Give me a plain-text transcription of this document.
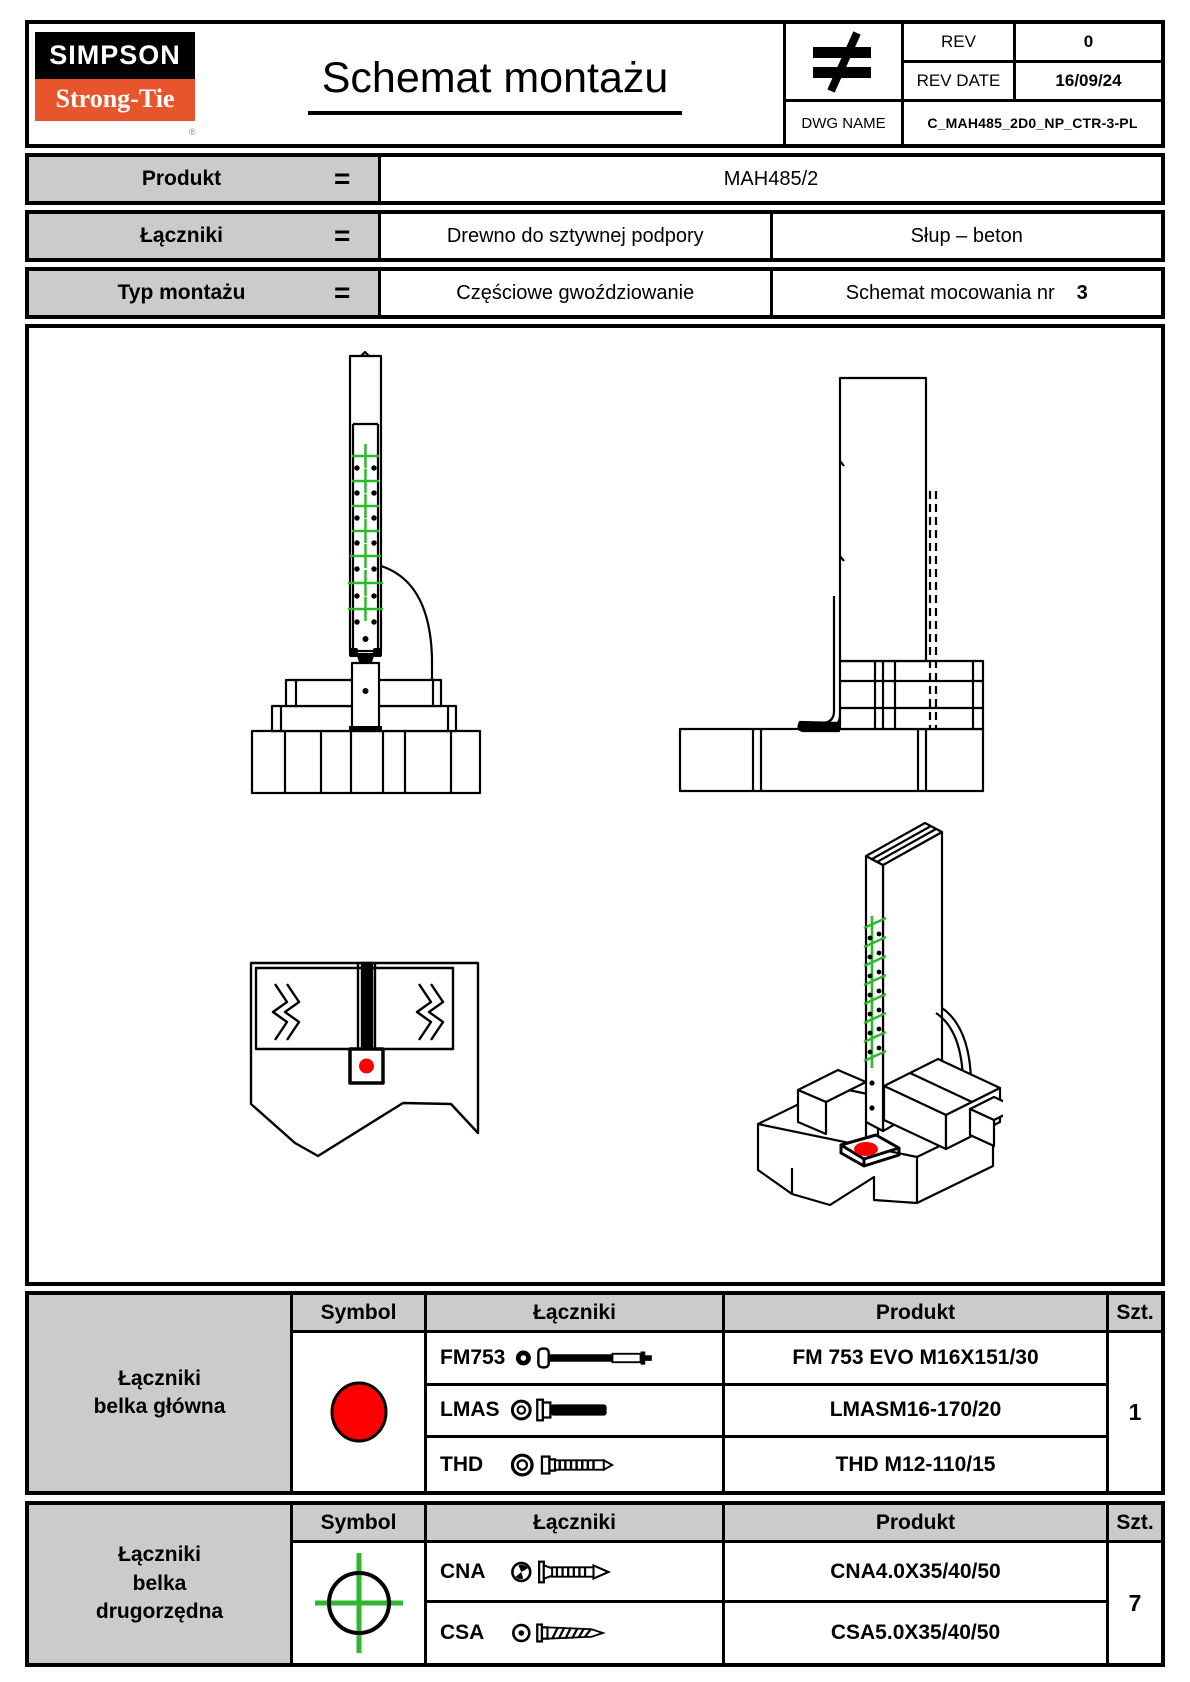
SIMPSON
Strong-Tie
®
Schemat montażu
REV	0
REV DATE	16/09/24
DWG NAME	C_MAH485_2D0_NP_CTR-3-PL
Produkt	=	MAH485/2
Łączniki	=	Drewno do sztywnej podpory	Słup – beton
Typ montażu	=	Częściowe gwoździowanie	Schemat mocowania nr 3
Łączniki belka główna
Symbol	Łączniki	Produkt	Szt.
FM753	FM 753 EVO M16X151/30
LMAS	LMASM16-170/20
THD	THD M12-110/15
1
Łączniki belka drugorzędna
Symbol	Łączniki	Produkt	Szt.
CNA	CNA4.0X35/40/50
CSA	CSA5.0X35/40/50
7
